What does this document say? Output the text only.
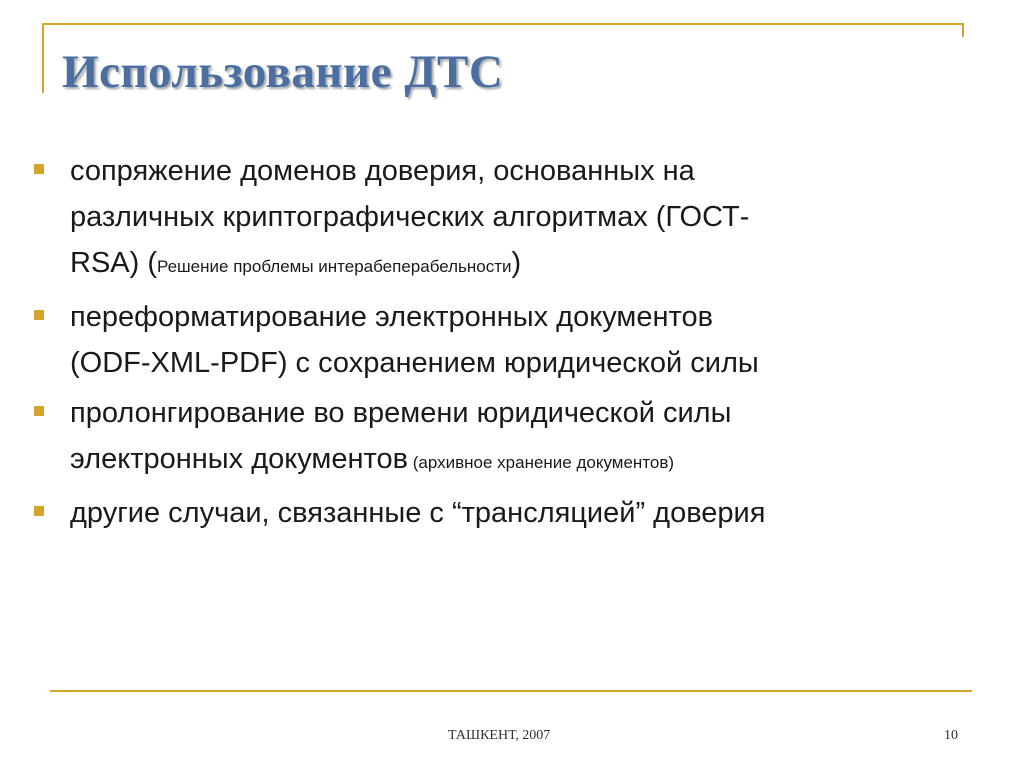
Использование ДТС
сопряжение доменов доверия, основанных на
различных криптографических алгоритмах (ГОСТ-
RSA) (Решение проблемы интерабеперабельности)
переформатирование электронных документов
(ODF-XML-PDF) с сохранением юридической силы
пролонгирование во времени юридической силы
электронных документов (архивное хранение документов)
другие случаи, связанные с “трансляцией” доверия
ТАШКЕНТ, 2007	10
